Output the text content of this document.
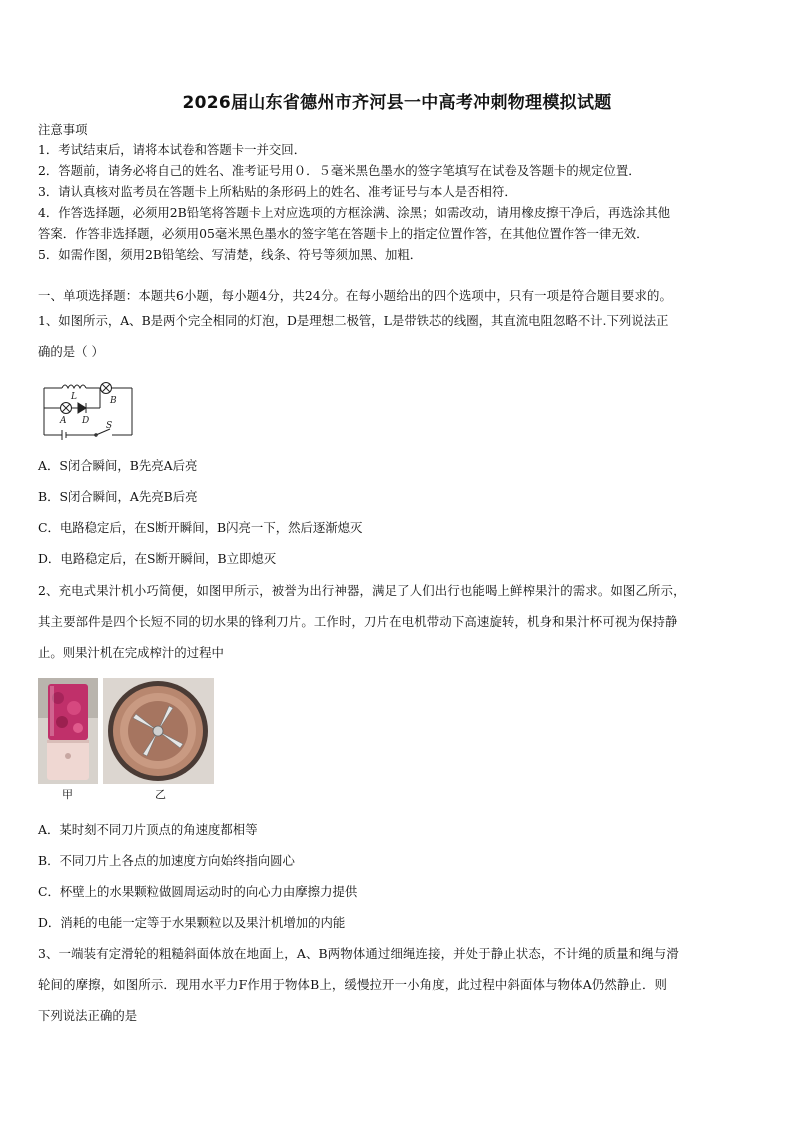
2026届山东省德州市齐河县一中高考冲刺物理模拟试题
注意事项
1．考试结束后，请将本试卷和答题卡一并交回．
2．答题前，请务必将自己的姓名、准考证号用０．５毫米黑色墨水的签字笔填写在试卷及答题卡的规定位置．
3．请认真核对监考员在答题卡上所粘贴的条形码上的姓名、准考证号与本人是否相符．
4．作答选择题，必须用2B铅笔将答题卡上对应选项的方框涂满、涂黑；如需改动，请用橡皮擦干净后，再选涂其他
答案．作答非选择题，必须用05毫米黑色墨水的签字笔在答题卡上的指定位置作答，在其他位置作答一律无效．
5．如需作图，须用2B铅笔绘、写清楚，线条、符号等须加黑、加粗．
一、单项选择题：本题共6小题，每小题4分，共24分。在每小题给出的四个选项中，只有一项是符合题目要求的。
1、如图所示，A、B是两个完全相同的灯泡，D是理想二极管，L是带铁芯的线圈，其直流电阻忽略不计.下列说法正
确的是（ ）
L
A D
B
S
A．S闭合瞬间，B先亮A后亮
B．S闭合瞬间，A先亮B后亮
C．电路稳定后，在S断开瞬间，B闪亮一下，然后逐渐熄灭
D．电路稳定后，在S断开瞬间，B立即熄灭
2、充电式果汁机小巧简便，如图甲所示，被誉为出行神器，满足了人们出行也能喝上鲜榨果汁的需求。如图乙所示，
其主要部件是四个长短不同的切水果的锋利刀片。工作时，刀片在电机带动下高速旋转，机身和果汁杯可视为保持静
止。则果汁机在完成榨汁的过程中
甲	乙
A．某时刻不同刀片顶点的角速度都相等
B．不同刀片上各点的加速度方向始终指向圆心
C．杯壁上的水果颗粒做圆周运动时的向心力由摩擦力提供
D．消耗的电能一定等于水果颗粒以及果汁机增加的内能
3、一端装有定滑轮的粗糙斜面体放在地面上，A、B两物体通过细绳连接，并处于静止状态，不计绳的质量和绳与滑
轮间的摩擦，如图所示．现用水平力F作用于物体B上，缓慢拉开一小角度，此过程中斜面体与物体A仍然静止．则
下列说法正确的是
